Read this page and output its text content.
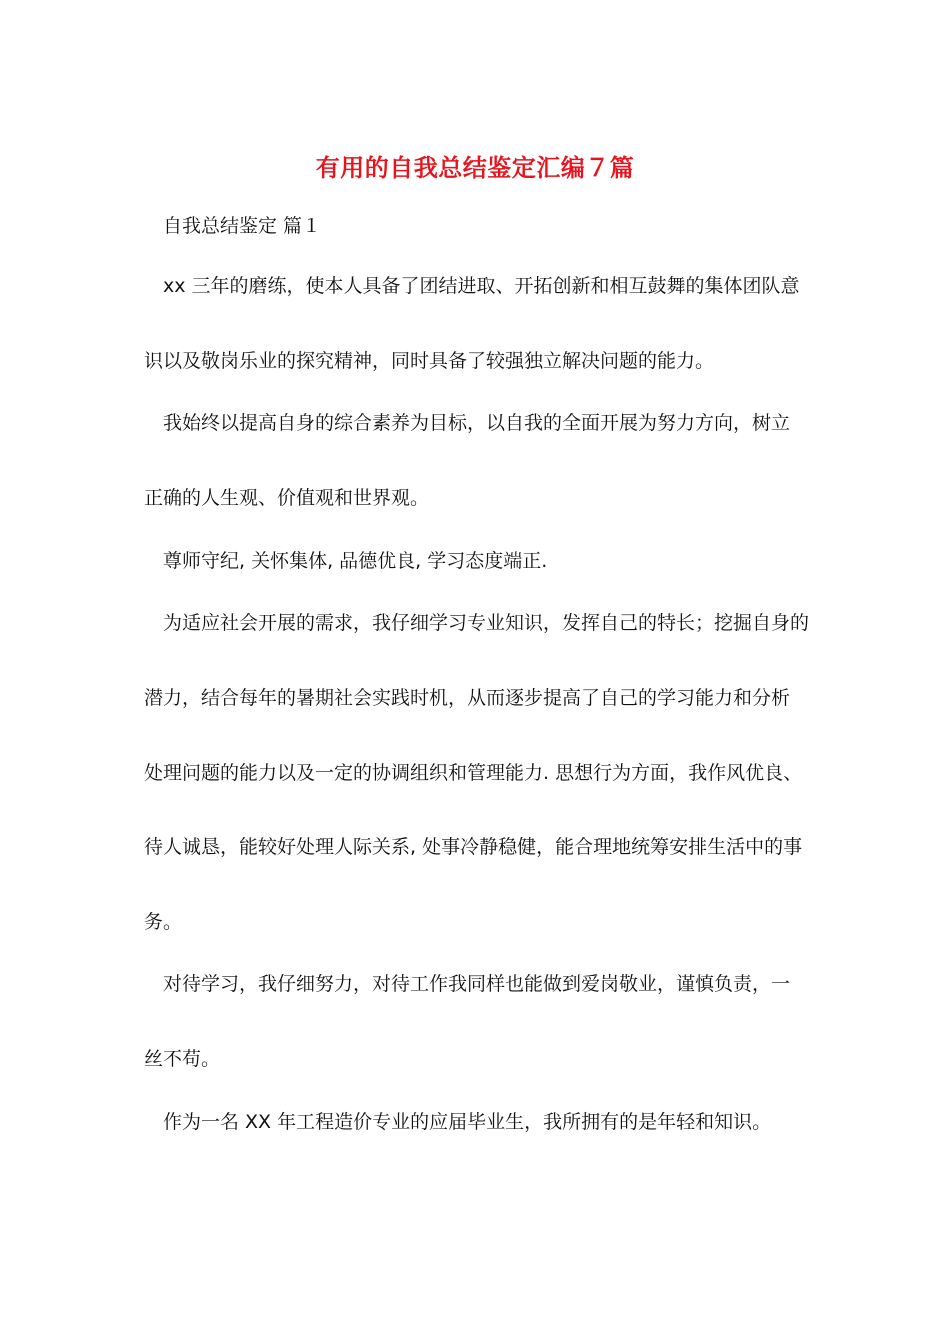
有用的自我总结鉴定汇编７篇

自我总结鉴定 篇１

xx 三年的磨练，使本人具备了团结进取、开拓创新和相互鼓舞的集体团队意

识以及敬岗乐业的探究精神，同时具备了较强独立解决问题的能力。

我始终以提高自身的综合素养为目标，以自我的全面开展为努力方向，树立

正确的人生观、价值观和世界观。

尊师守纪, 关怀集体, 品德优良, 学习态度端正.

为适应社会开展的需求，我仔细学习专业知识，发挥自己的特长；挖掘自身的

潜力，结合每年的暑期社会实践时机，从而逐步提高了自己的学习能力和分析

处理问题的能力以及一定的协调组织和管理能力. 思想行为方面，我作风优良、

待人诚恳，能较好处理人际关系, 处事冷静稳健，能合理地统筹安排生活中的事

务。

对待学习，我仔细努力，对待工作我同样也能做到爱岗敬业，谨慎负责，一

丝不苟。

作为一名 XX 年工程造价专业的应届毕业生，我所拥有的是年轻和知识。
